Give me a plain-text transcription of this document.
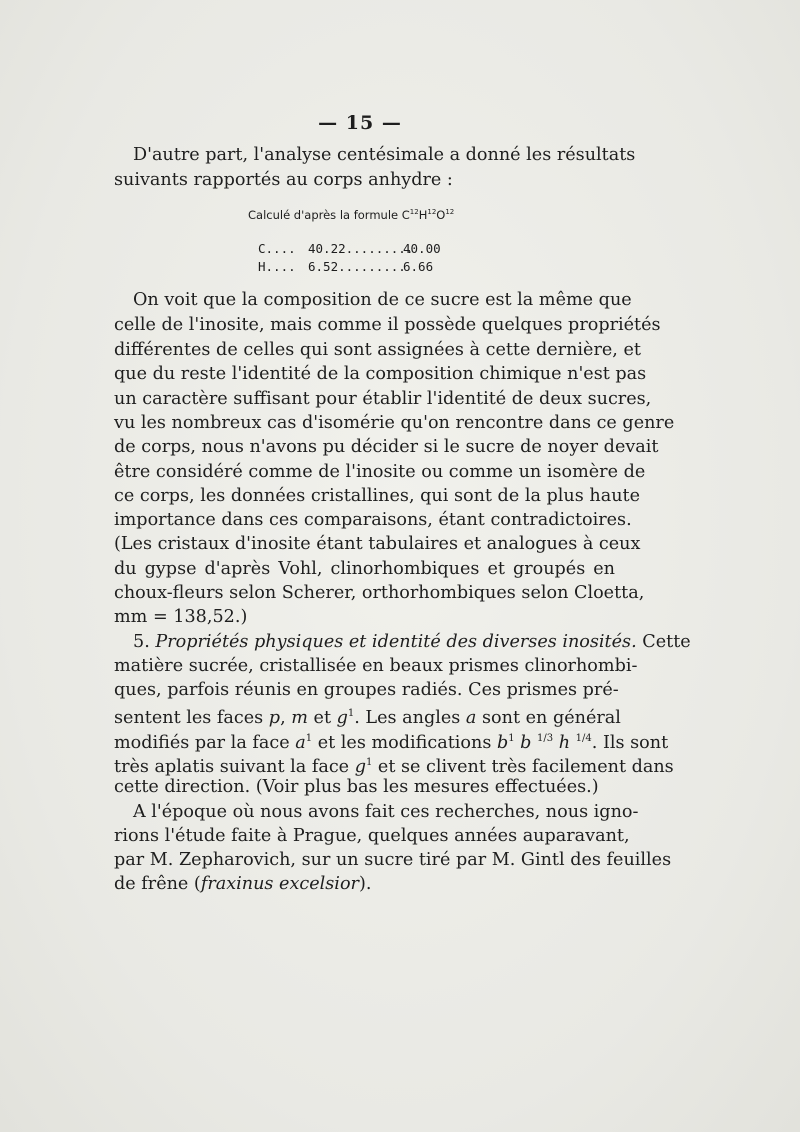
— 15 —
D'autre part, l'analyse centésimale a donné les résultats
suivants rapportés au corps anhydre :
Calculé d'après la formule $C^{12}H^{12}O^{12}$
C.... 40.22.........40.00
H.... 6.52.........6.66
On voit que la composition de ce sucre est la même que
celle de l'inosite, mais comme il possède quelques propriétés
différentes de celles qui sont assignées à cette dernière, et
que du reste l'identité de la composition chimique n'est pas
un caractère suffisant pour établir l'identité de deux sucres,
vu les nombreux cas d'isomérie qu'on rencontre dans ce genre
de corps, nous n'avons pu décider si le sucre de noyer devait
être considéré comme de l'inosite ou comme un isomère de
ce corps, les données cristallines, qui sont de la plus haute
importance dans ces comparaisons, étant contradictoires.
(Les cristaux d'inosite étant tabulaires et analogues à ceux
du gypse d'après Vohl, clinorhombiques et groupés en
choux-fleurs selon Scherer, orthorhombiques selon Cloetta,
mm = 138,52.)
5. Propriétés physiques et identité des diverses inosités. Cette
matière sucrée, cristallisée en beaux prismes clinorhombi-
ques, parfois réunis en groupes radiés. Ces prismes pré-
sentent les faces p, m et $g^1$. Les angles a sont en général
modifiés par la face $a^1$ et les modifications $b^1$ b $^{1/3}$ h $^{1/4}$. Ils sont
très aplatis suivant la face $g^1$ et se clivent très facilement dans
cette direction. (Voir plus bas les mesures effectuées.)
A l'époque où nous avons fait ces recherches, nous igno-
rions l'étude faite à Prague, quelques années auparavant,
par M. Zepharovich, sur un sucre tiré par M. Gintl des feuilles
de frêne (fraxinus excelsior).
